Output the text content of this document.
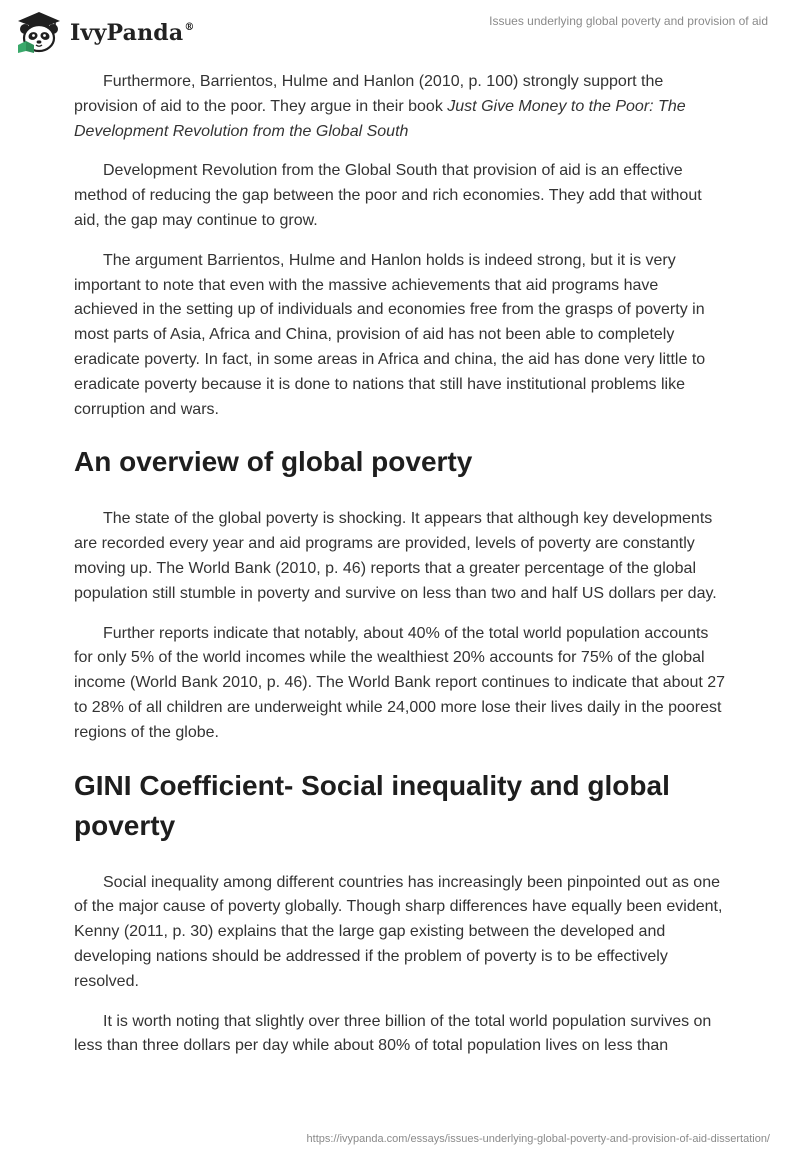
IvyPanda®	Issues underlying global poverty and provision of aid

Furthermore, Barrientos, Hulme and Hanlon (2010, p. 100) strongly support the provision of aid to the poor. They argue in their book Just Give Money to the Poor: The Development Revolution from the Global South

Development Revolution from the Global South that provision of aid is an effective method of reducing the gap between the poor and rich economies. They add that without aid, the gap may continue to grow.

The argument Barrientos, Hulme and Hanlon holds is indeed strong, but it is very important to note that even with the massive achievements that aid programs have achieved in the setting up of individuals and economies free from the grasps of poverty in most parts of Asia, Africa and China, provision of aid has not been able to completely eradicate poverty. In fact, in some areas in Africa and china, the aid has done very little to eradicate poverty because it is done to nations that still have institutional problems like corruption and wars.

An overview of global poverty

The state of the global poverty is shocking. It appears that although key developments are recorded every year and aid programs are provided, levels of poverty are constantly moving up. The World Bank (2010, p. 46) reports that a greater percentage of the global population still stumble in poverty and survive on less than two and half US dollars per day.

Further reports indicate that notably, about 40% of the total world population accounts for only 5% of the world incomes while the wealthiest 20% accounts for 75% of the global income (World Bank 2010, p. 46). The World Bank report continues to indicate that about 27 to 28% of all children are underweight while 24,000 more lose their lives daily in the poorest regions of the globe.

GINI Coefficient- Social inequality and global poverty

Social inequality among different countries has increasingly been pinpointed out as one of the major cause of poverty globally. Though sharp differences have equally been evident, Kenny (2011, p. 30) explains that the large gap existing between the developed and developing nations should be addressed if the problem of poverty is to be effectively resolved.

It is worth noting that slightly over three billion of the total world population survives on less than three dollars per day while about 80% of total population lives on less than

https://ivypanda.com/essays/issues-underlying-global-poverty-and-provision-of-aid-dissertation/
